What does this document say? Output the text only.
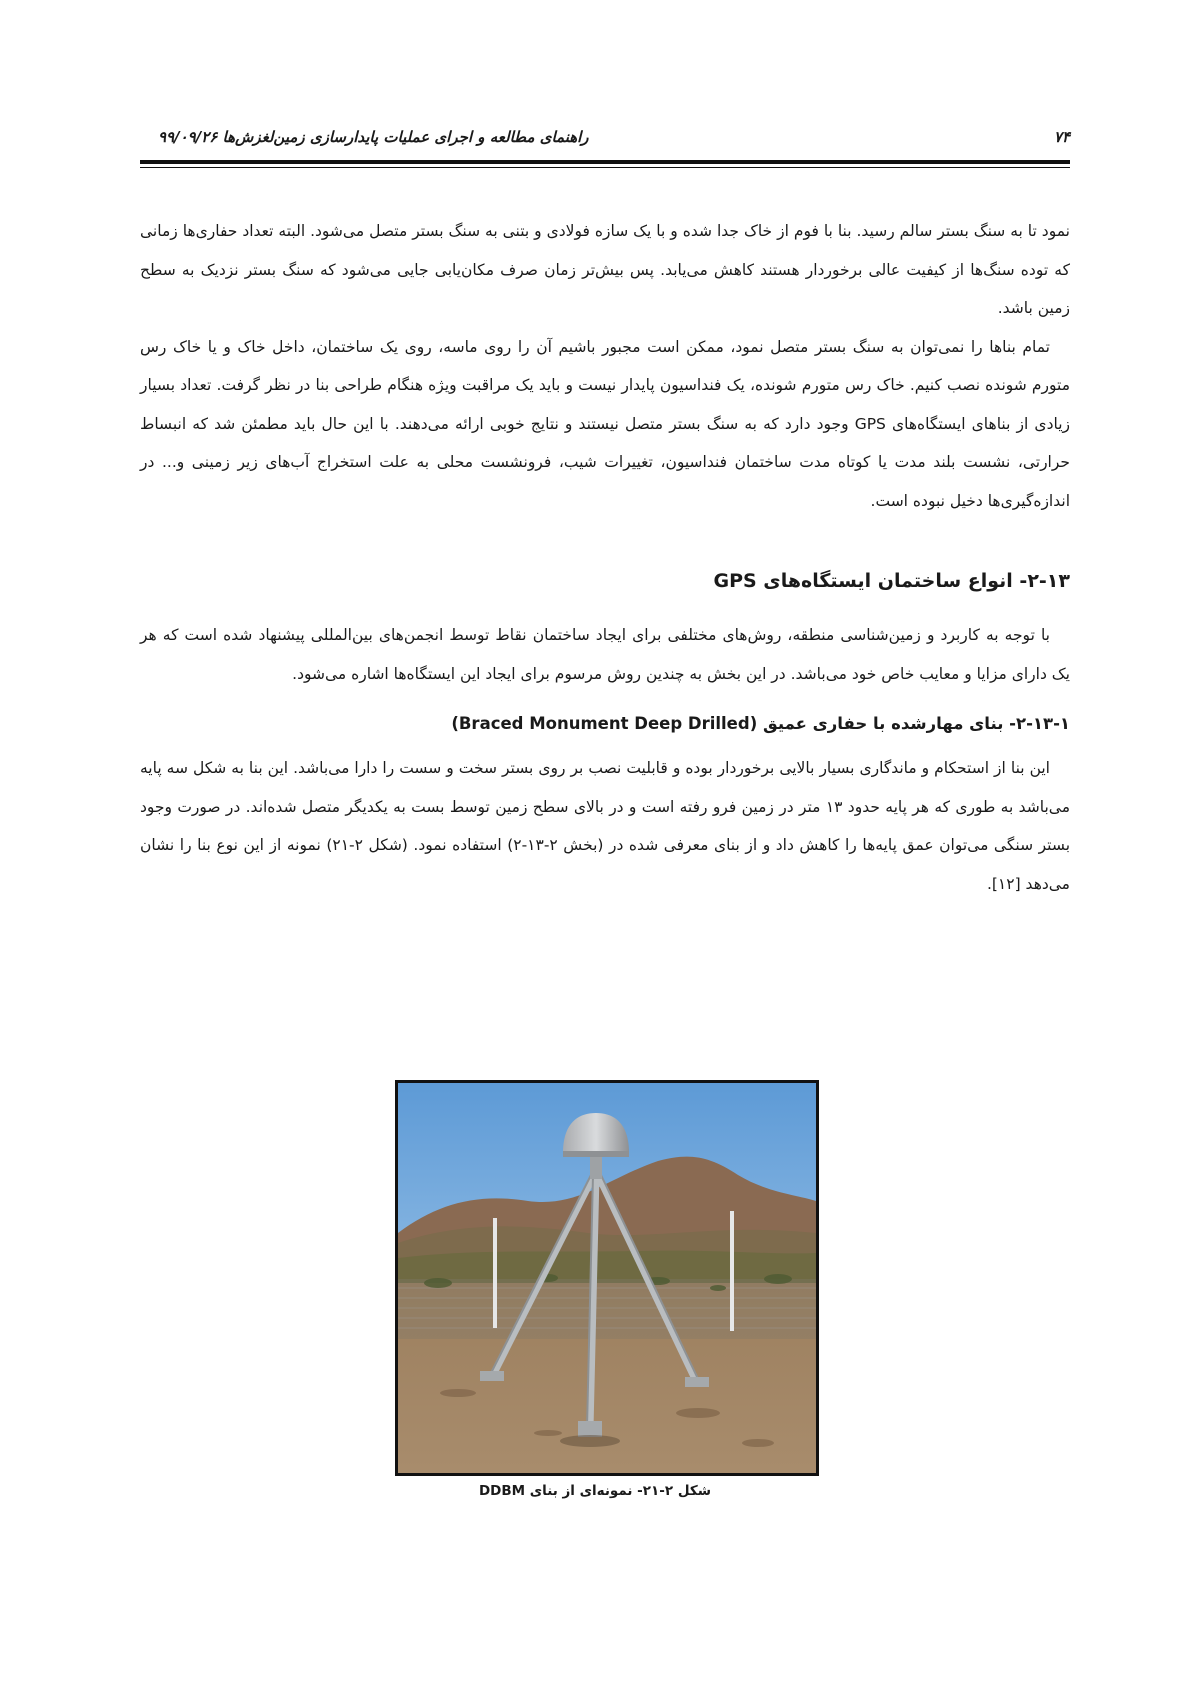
۷۴
راهنمای مطالعه و اجرای عملیات پایدارسازی زمین‌لغزش‌ها ۹۹/۰۹/۲۶

نمود تا به سنگ بستر سالم رسید. بنا با فوم از خاک جدا شده و با یک سازه فولادی و بتنی به سنگ بستر متصل می‌شود. البته تعداد حفاری‌ها زمانی که توده سنگ‌ها از کیفیت عالی برخوردار هستند کاهش می‌یابد. پس بیش‌تر زمان صرف مکان‌یابی جایی می‌شود که سنگ بستر نزدیک به سطح زمین باشد.

تمام بناها را نمی‌توان به سنگ بستر متصل نمود، ممکن است مجبور باشیم آن را روی ماسه، روی یک ساختمان، داخل خاک و یا خاک رس متورم شونده نصب کنیم. خاک رس متورم شونده، یک فنداسیون پایدار نیست و باید یک مراقبت ویژه هنگام طراحی بنا در نظر گرفت. تعداد بسیار زیادی از بناهای ایستگاه‌های GPS وجود دارد که به سنگ بستر متصل نیستند و نتایج خوبی ارائه می‌دهند. با این حال باید مطمئن شد که انبساط حرارتی، نشست بلند مدت یا کوتاه مدت ساختمان فنداسیون، تغییرات شیب، فرونشست محلی به علت استخراج آب‌های زیر زمینی و... در اندازه‌گیری‌ها دخیل نبوده است.

۲-۱۳- انواع ساختمان ایستگاه‌های GPS

با توجه به کاربرد و زمین‌شناسی منطقه، روش‌های مختلفی برای ایجاد ساختمان نقاط توسط انجمن‌های بین‌المللی پیشنهاد شده است که هر یک دارای مزایا و معایب خاص خود می‌باشد. در این بخش به چندین روش مرسوم برای ایجاد این ایستگاه‌ها اشاره می‌شود.

۲-۱۳-۱- بنای مهارشده با حفاری عمیق (Braced Monument Deep Drilled)

این بنا از استحکام و ماندگاری بسیار بالایی برخوردار بوده و قابلیت نصب بر روی بستر سخت و سست را دارا می‌باشد. این بنا به شکل سه پایه می‌باشد به طوری که هر پایه حدود ۱۳ متر در زمین فرو رفته است و در بالای سطح زمین توسط بست به یکدیگر متصل شده‌اند. در صورت وجود بستر سنگی می‌توان عمق پایه‌ها را کاهش داد و از بنای معرفی شده در (بخش ۲-۱۳-۲) استفاده نمود. (شکل ۲-۲۱) نمونه از این نوع بنا را نشان می‌دهد [۱۲].

شکل ۲-۲۱- نمونه‌ای از بنای DDBM
